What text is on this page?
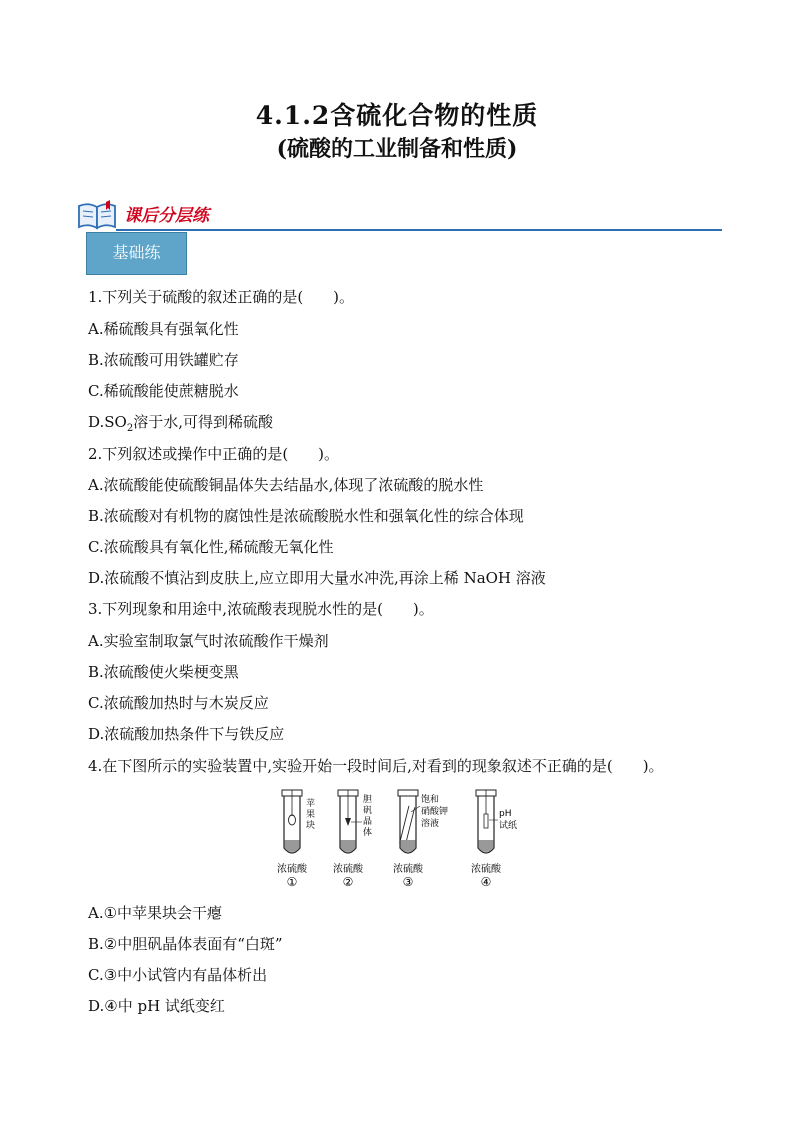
4.1.2含硫化合物的性质
(硫酸的工业制备和性质)
课后分层练
基础练
1.下列关于硫酸的叙述正确的是(　　)。
A.稀硫酸具有强氧化性
B.浓硫酸可用铁罐贮存
C.稀硫酸能使蔗糖脱水
$D.SO_2$溶于水,可得到稀硫酸
2.下列叙述或操作中正确的是(　　)。
A.浓硫酸能使硫酸铜晶体失去结晶水,体现了浓硫酸的脱水性
B.浓硫酸对有机物的腐蚀性是浓硫酸脱水性和强氧化性的综合体现
C.浓硫酸具有氧化性,稀硫酸无氧化性
D.浓硫酸不慎沾到皮肤上,应立即用大量水冲洗,再涂上稀 NaOH 溶液
3.下列现象和用途中,浓硫酸表现脱水性的是(　　)。
A.实验室制取氯气时浓硫酸作干燥剂
B.浓硫酸使火柴梗变黑
C.浓硫酸加热时与木炭反应
D.浓硫酸加热条件下与铁反应
4.在下图所示的实验装置中,实验开始一段时间后,对看到的现象叙述不正确的是(　　)。
苹
果
块
浓硫酸
①
胆
矾
晶
体
浓硫酸
②
饱和
硝酸钾
溶液
浓硫酸
③
pH
试纸
浓硫酸
④
A.①中苹果块会干瘪
B.②中胆矾晶体表面有“白斑”
C.③中小试管内有晶体析出
D.④中 pH 试纸变红
